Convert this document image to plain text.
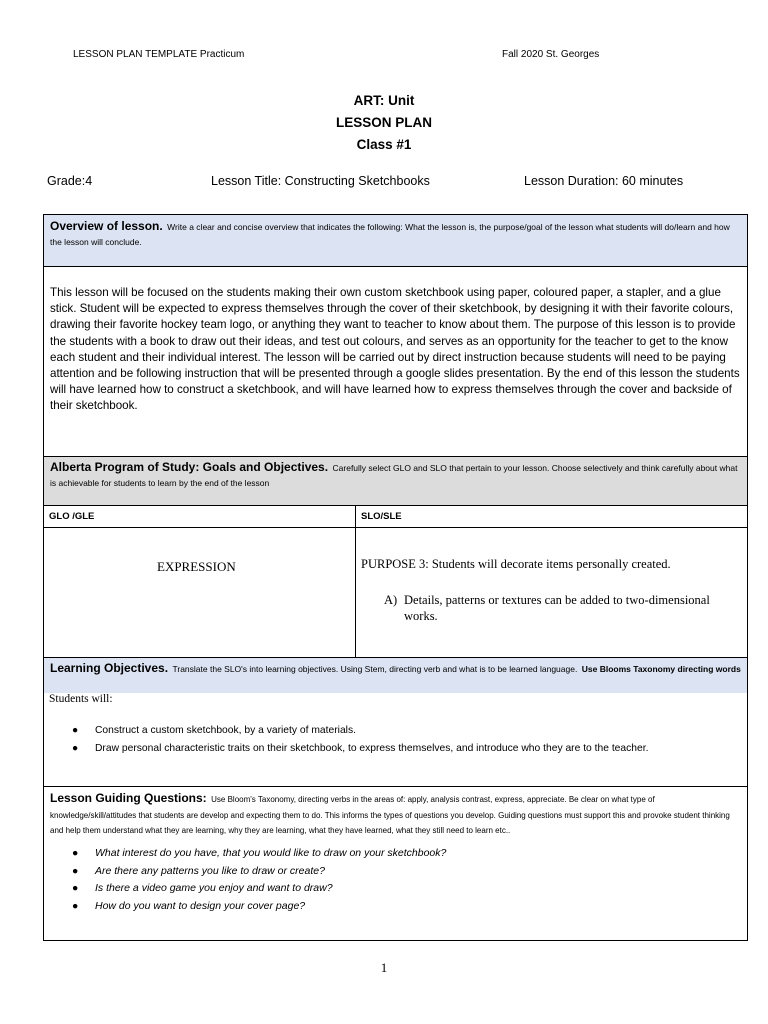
LESSON PLAN TEMPLATE Practicum	Fall 2020 St. Georges
ART: Unit
LESSON PLAN
Class #1
Grade:4	Lesson Title: Constructing Sketchbooks	Lesson Duration: 60 minutes
Overview of lesson. Write a clear and concise overview that indicates the following: What the lesson is, the purpose/goal of the lesson what students will do/learn and how the lesson will conclude.

This lesson will be focused on the students making their own custom sketchbook using paper, coloured paper, a stapler, and a glue stick. Student will be expected to express themselves through the cover of their sketchbook, by designing it with their favorite colours, drawing their favorite hockey team logo, or anything they want to teacher to know about them. The purpose of this lesson is to provide the students with a book to draw out their ideas, and test out colours, and serves as an opportunity for the teacher to get to the know each student and their individual interest. The lesson will be carried out by direct instruction because students will need to be paying attention and be following instruction that will be presented through a google slides presentation. By the end of this lesson the students will have learned how to construct a sketchbook, and will have learned how to express themselves through the cover and backside of their sketchbook.

Alberta Program of Study: Goals and Objectives. Carefully select GLO and SLO that pertain to your lesson. Choose selectively and think carefully about what is achievable for students to learn by the end of the lesson
GLO /GLE	SLO/SLE
EXPRESSION	PURPOSE 3: Students will decorate items personally created.
A) Details, patterns or textures can be added to two-dimensional works.
Learning Objectives. Translate the SLO's into learning objectives. Using Stem, directing verb and what is to be learned language. Use Blooms Taxonomy directing words
Students will:
● Construct a custom sketchbook, by a variety of materials.
● Draw personal characteristic traits on their sketchbook, to express themselves, and introduce who they are to the teacher.
Lesson Guiding Questions: Use Bloom's Taxonomy, directing verbs in the areas of: apply, analysis contrast, express, appreciate. Be clear on what type of knowledge/skill/attitudes that students are develop and expecting them to do. This informs the types of questions you develop. Guiding questions must support this and provoke student thinking and help them understand what they are learning, why they are learning, what they have learned, what they still need to learn etc..
● What interest do you have, that you would like to draw on your sketchbook?
● Are there any patterns you like to draw or create?
● Is there a video game you enjoy and want to draw?
● How do you want to design your cover page?
1
